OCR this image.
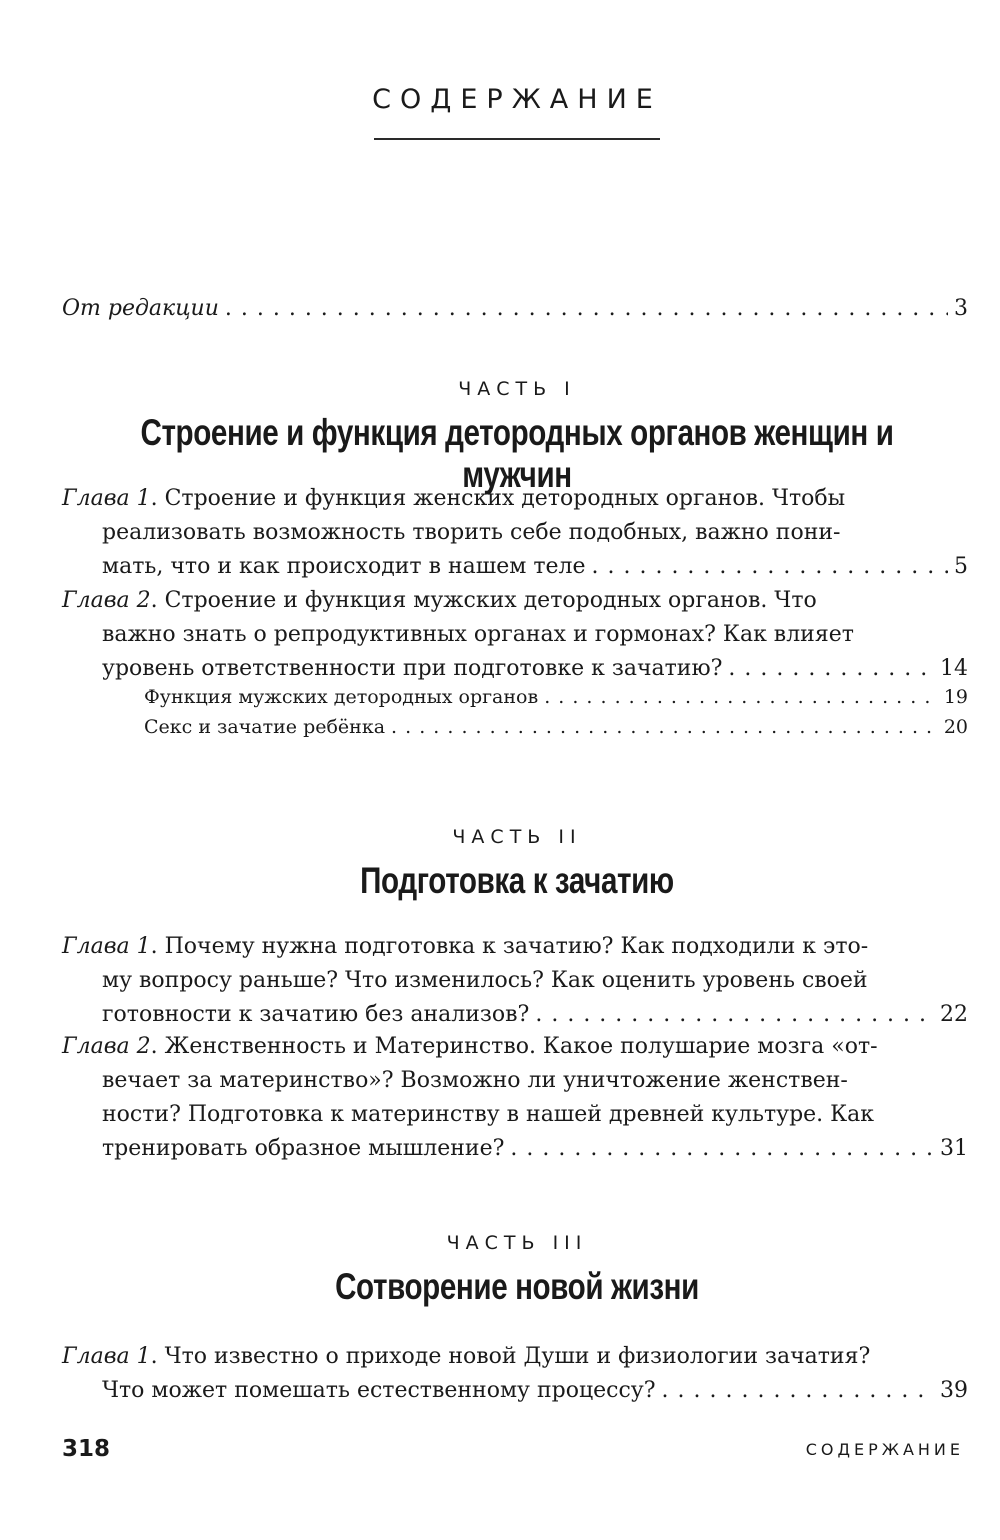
СОДЕРЖАНИЕ
От редакции . . .	3
ЧАСТЬ I
Строение и функция детородных органов женщин и мужчин
Глава 1. Строение и функция женских детородных органов. Чтобы
реализовать возможность творить себе подобных, важно пони-
мать, что и как происходит в нашем теле . . .	5
Глава 2. Строение и функция мужских детородных органов. Что
важно знать о репродуктивных органах и гормонах? Как влияет
уровень ответственности при подготовке к зачатию? . . .	14
Функция мужских детородных органов . . .	19
Секс и зачатие ребёнка . . .	20
ЧАСТЬ II
Подготовка к зачатию
Глава 1. Почему нужна подготовка к зачатию? Как подходили к это-
му вопросу раньше? Что изменилось? Как оценить уровень своей
готовности к зачатию без анализов? . . .	22
Глава 2. Женственность и Материнство. Какое полушарие мозга «от-
вечает за материнство»? Возможно ли уничтожение женствен-
ности? Подготовка к материнству в нашей древней культуре. Как
тренировать образное мышление? . . .	31
ЧАСТЬ III
Сотворение новой жизни
Глава 1. Что известно о приходе новой Души и физиологии зачатия?
Что может помешать естественному процессу? . . .	39
318	СОДЕРЖАНИЕ
